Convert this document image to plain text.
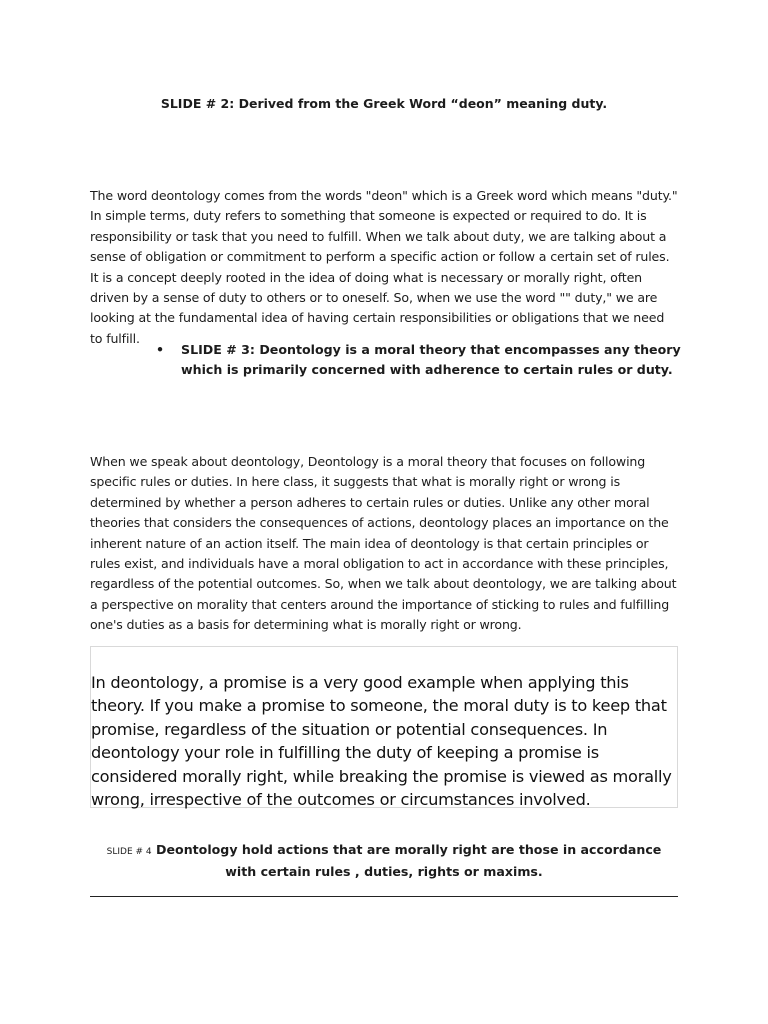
SLIDE # 2: Derived from the Greek Word “deon” meaning duty.
The word deontology comes from the words "deon" which is a Greek word which means "duty." In simple terms, duty refers to something that someone is expected or required to do. It is responsibility or task that you need to fulfill. When we talk about duty, we are talking about a sense of obligation or commitment to perform a specific action or follow a certain set of rules. It is a concept deeply rooted in the idea of doing what is necessary or morally right, often driven by a sense of duty to others or to oneself. So, when we use the word "" duty," we are looking at the fundamental idea of having certain responsibilities or obligations that we need to fulfill.
• SLIDE # 3: Deontology is a moral theory that encompasses any theory which is primarily concerned with adherence to certain rules or duty.
When we speak about deontology, Deontology is a moral theory that focuses on following specific rules or duties. In here class, it suggests that what is morally right or wrong is determined by whether a person adheres to certain rules or duties. Unlike any other moral theories that considers the consequences of actions, deontology places an importance on the inherent nature of an action itself. The main idea of deontology is that certain principles or rules exist, and individuals have a moral obligation to act in accordance with these principles, regardless of the potential outcomes. So, when we talk about deontology, we are talking about a perspective on morality that centers around the importance of sticking to rules and fulfilling one's duties as a basis for determining what is morally right or wrong.
In deontology, a promise is a very good example when applying this theory. If you make a promise to someone, the moral duty is to keep that promise, regardless of the situation or potential consequences. In deontology your role in fulfilling the duty of keeping a promise is considered morally right, while breaking the promise is viewed as morally wrong, irrespective of the outcomes or circumstances involved.
SLIDE # 4 Deontology hold actions that are morally right are those in accordance with certain rules , duties, rights or maxims.
